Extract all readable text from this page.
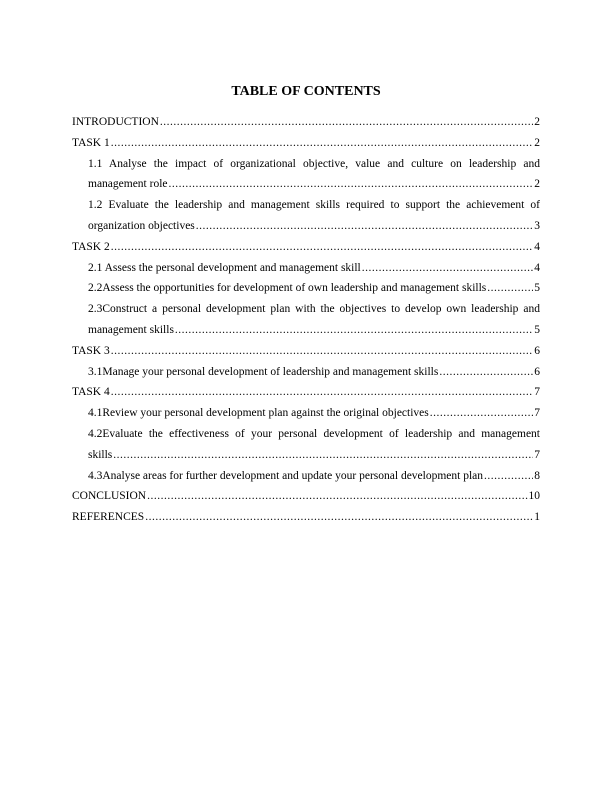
TABLE OF CONTENTS
INTRODUCTION .....	2
TASK 1 .....	2
1.1 Analyse the impact of organizational objective, value and culture on leadership and
management role .....	2
1.2 Evaluate the leadership and management skills required to support the achievement of
organization objectives .....	3
TASK 2 .....	4
2.1 Assess the personal development and management skill .....	4
2.2Assess the opportunities for development of own leadership and management skills .....	5
2.3Construct a personal development plan with the objectives to develop own leadership and
management skills .....	5
TASK 3 .....	6
3.1Manage your personal development of leadership and management skills .....	6
TASK 4 .....	7
4.1Review your personal development plan against the original objectives .....	7
4.2Evaluate the effectiveness of your personal development of leadership and management
skills .....	7
4.3Analyse areas for further development and update your personal development plan .....	8
CONCLUSION .....	10
REFERENCES .....	1
